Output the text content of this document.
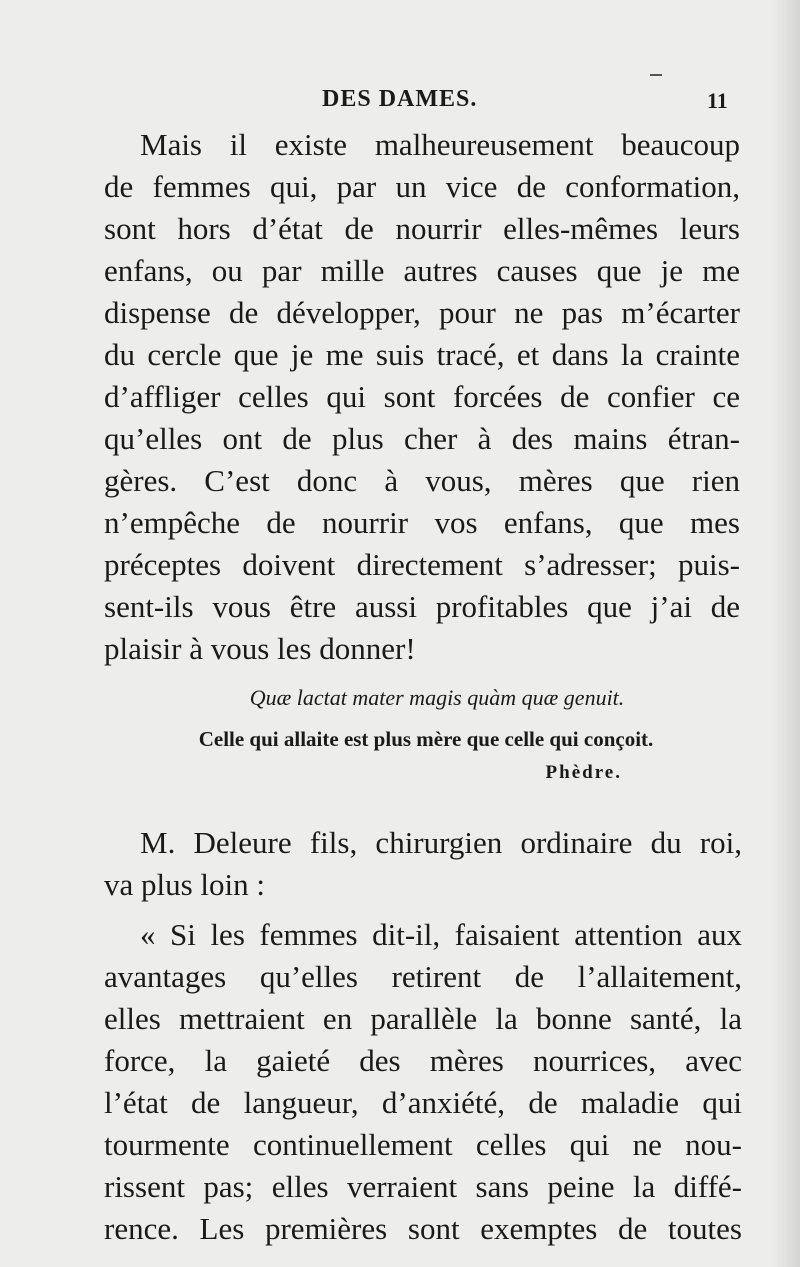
DES DAMES.	11
Mais il existe malheureusement beaucoup
de femmes qui, par un vice de conformation,
sont hors d’état de nourrir elles-mêmes leurs
enfans, ou par mille autres causes que je me
dispense de développer, pour ne pas m’écarter
du cercle que je me suis tracé, et dans la crainte
d’affliger celles qui sont forcées de confier ce
qu’elles ont de plus cher à des mains étran-
gères. C’est donc à vous, mères que rien
n’empêche de nourrir vos enfans, que mes
préceptes doivent directement s’adresser; puis-
sent-ils vous être aussi profitables que j’ai de
plaisir à vous les donner!

Quæ lactat mater magis quàm quæ genuit.

Celle qui allaite est plus mère que celle qui conçoit.

Phèdre.

M. Deleure fils, chirurgien ordinaire du roi,
va plus loin :
« Si les femmes dit-il, faisaient attention aux
avantages qu’elles retirent de l’allaitement,
elles mettraient en parallèle la bonne santé, la
force, la gaieté des mères nourrices, avec
l’état de langueur, d’anxiété, de maladie qui
tourmente continuellement celles qui ne nou-
rissent pas; elles verraient sans peine la diffé-
rence. Les premières sont exemptes de toutes
